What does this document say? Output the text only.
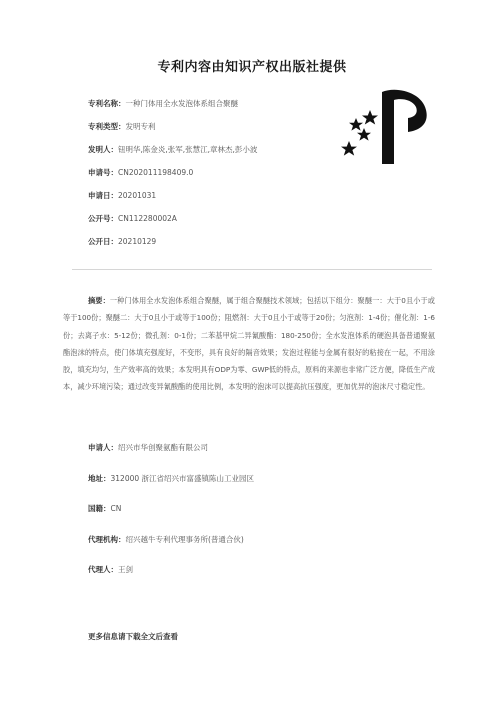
专利内容由知识产权出版社提供
专利名称：一种门体用全水发泡体系组合聚醚
专利类型：发明专利
发明人：钮明华,陈金炎,张军,张慧江,章林杰,彭小波
申请号：CN202011198409.0
申请日：20201031
公开号：CN112280002A
公开日：20210129
摘要：一种门体用全水发泡体系组合聚醚，属于组合聚醚技术领域；包括以下组分：聚醚一：大于0且小于或等于100份；聚醚二：大于0且小于或等于100份；阻燃剂：大于0且小于或等于20份；匀泡剂：1-4份；催化剂：1-6份；去离子水：5-12份；微孔剂：0-1份；二苯基甲烷二异氰酸酯：180-250份；全水发泡体系的硬泡具备普通聚氨酯泡沫的特点，使门体填充强度好，不变形，具有良好的隔音效果；发泡过程能与金属有很好的粘接在一起，不用涂胶，填充均匀，生产效率高的效果；本发明具有ODP为零、GWP低的特点，原料的来源也非常广泛方便，降低生产成本，减少环境污染；通过改变异氰酸酯的使用比例，本发明的泡沫可以提高抗压强度，更加优异的泡沫尺寸稳定性。
申请人：绍兴市华创聚氨酯有限公司
地址：312000 浙江省绍兴市富盛镇陈山工业园区
国籍：CN
代理机构：绍兴越牛专利代理事务所(普通合伙)
代理人：王剑
更多信息请下载全文后查看
